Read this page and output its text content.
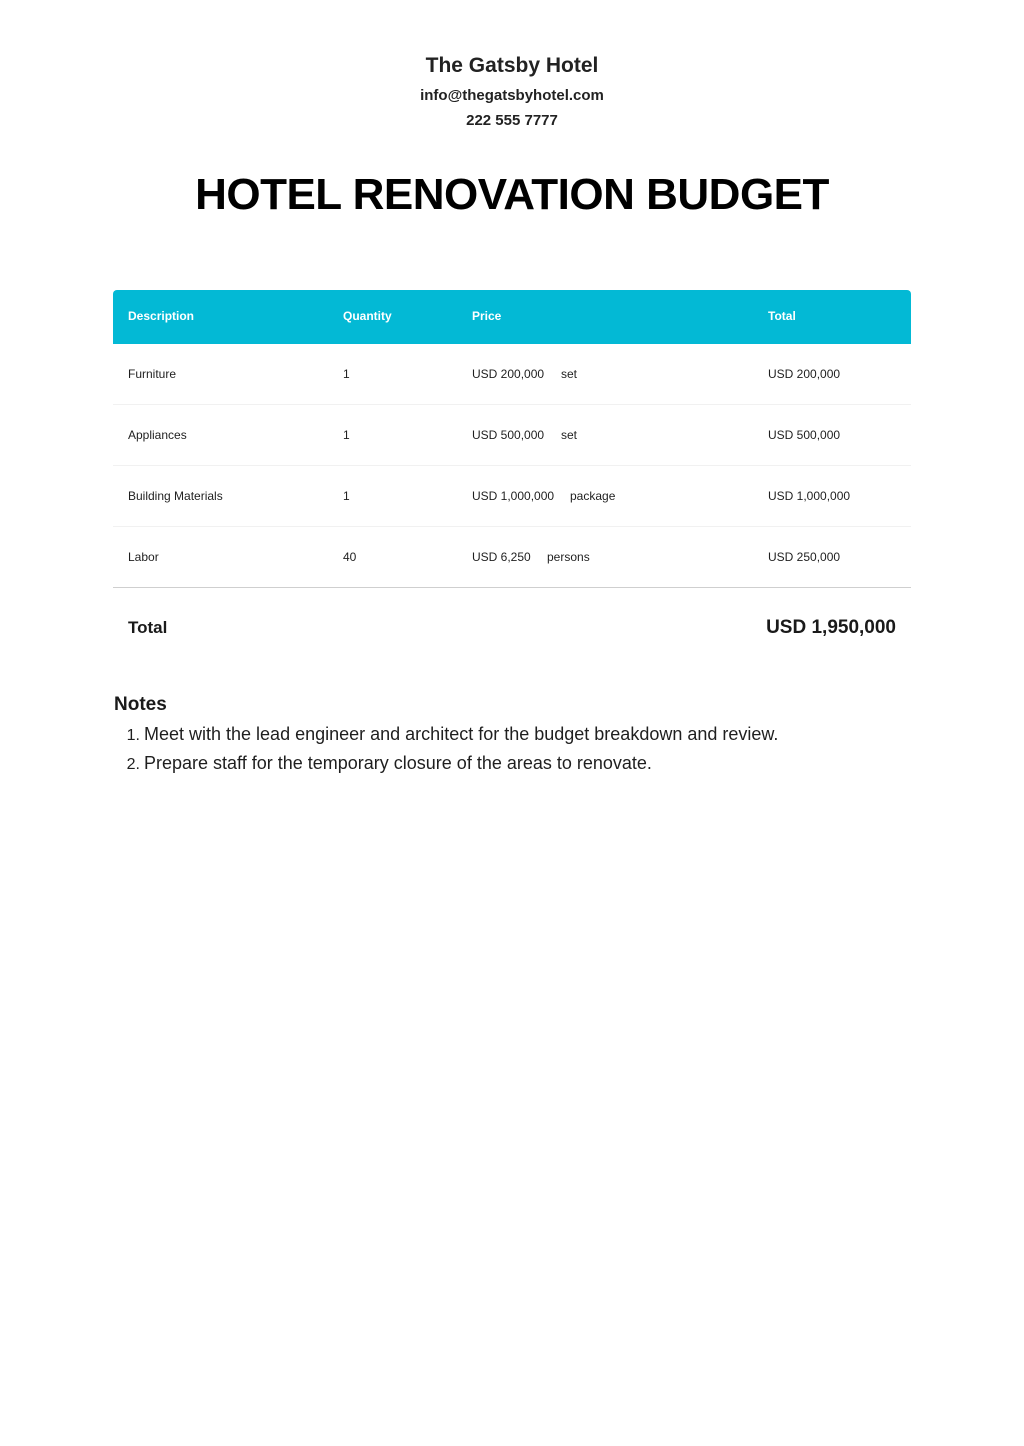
The Gatsby Hotel
info@thegatsbyhotel.com
222 555 7777
HOTEL RENOVATION BUDGET
Description	Quantity	Price	Total
Furniture	1	USD 200,000 set	USD 200,000
Appliances	1	USD 500,000 set	USD 500,000
Building Materials	1	USD 1,000,000 package	USD 1,000,000
Labor	40	USD 6,250 persons	USD 250,000
Total	USD 1,950,000
Notes
1. Meet with the lead engineer and architect for the budget breakdown and review.
2. Prepare staff for the temporary closure of the areas to renovate.
